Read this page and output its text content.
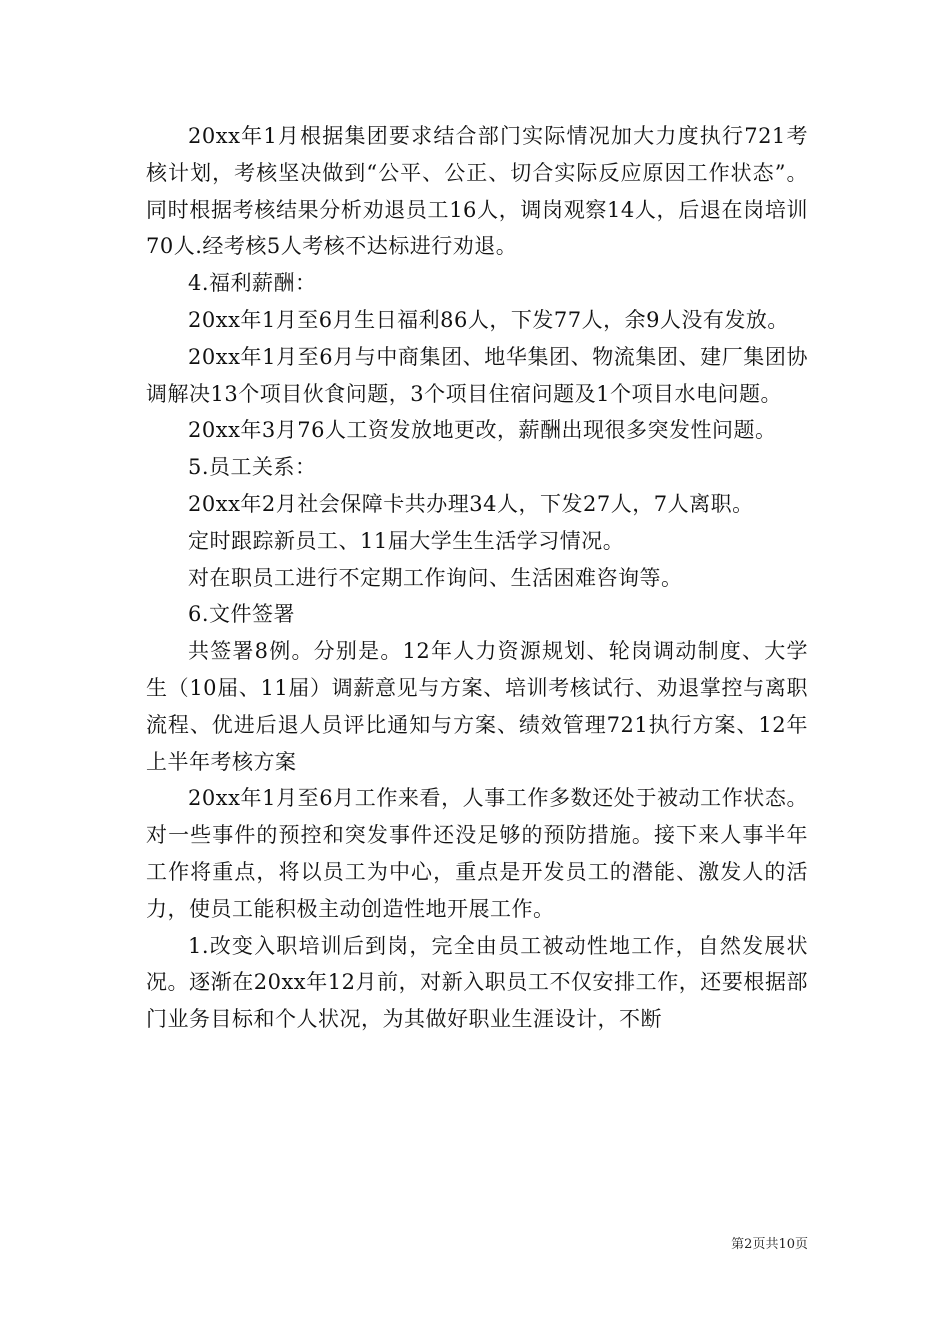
20xx年1月根据集团要求结合部门实际情况加大力度执行721考核计划，考核坚决做到“公平、公正、切合实际反应原因工作状态”。同时根据考核结果分析劝退员工16人，调岗观察14人，后退在岗培训70人.经考核5人考核不达标进行劝退。

4.福利薪酬：

20xx年1月至6月生日福利86人，下发77人，余9人没有发放。

20xx年1月至6月与中商集团、地华集团、物流集团、建厂集团协调解决13个项目伙食问题，3个项目住宿问题及1个项目水电问题。

20xx年3月76人工资发放地更改，薪酬出现很多突发性问题。

5.员工关系：

20xx年2月社会保障卡共办理34人，下发27人，7人离职。

定时跟踪新员工、11届大学生生活学习情况。

对在职员工进行不定期工作询问、生活困难咨询等。

6.文件签署

共签署8例。分别是。12年人力资源规划、轮岗调动制度、大学生（10届、11届）调薪意见与方案、培训考核试行、劝退掌控与离职流程、优进后退人员评比通知与方案、绩效管理721执行方案、12年上半年考核方案

20xx年1月至6月工作来看，人事工作多数还处于被动工作状态。对一些事件的预控和突发事件还没足够的预防措施。接下来人事半年工作将重点，将以员工为中心，重点是开发员工的潜能、激发人的活力，使员工能积极主动创造性地开展工作。

1.改变入职培训后到岗，完全由员工被动性地工作，自然发展状况。逐渐在20xx年12月前，对新入职员工不仅安排工作，还要根据部门业务目标和个人状况，为其做好职业生涯设计，不断

第2页共10页
